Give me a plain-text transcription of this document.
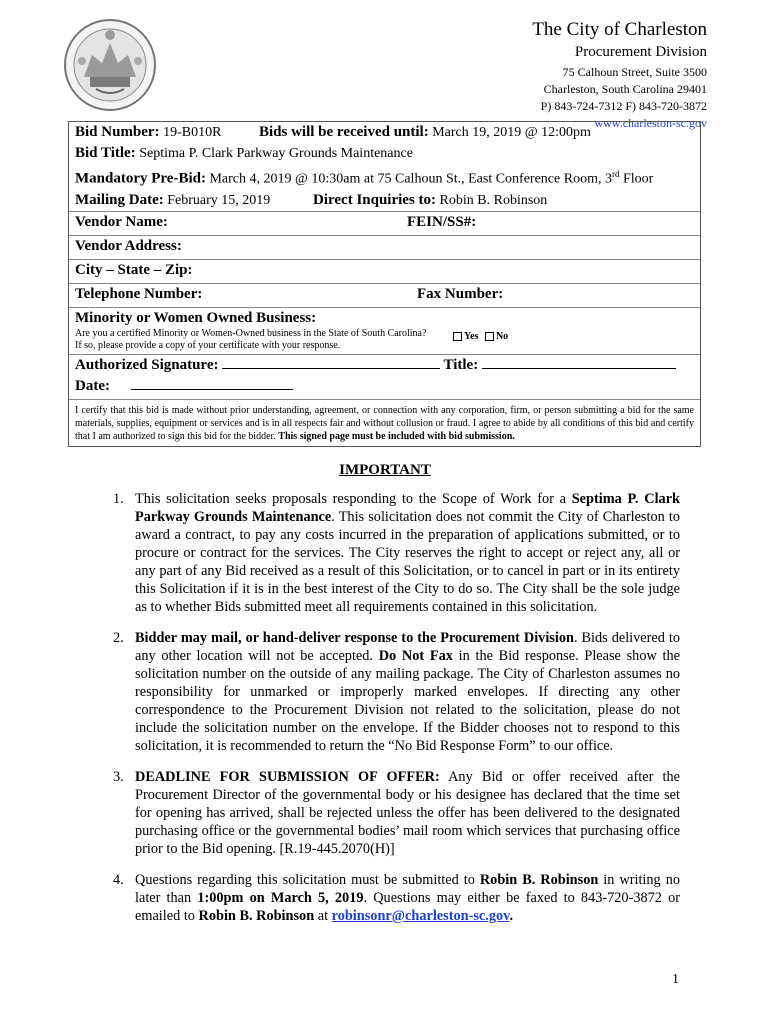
The City of Charleston
Procurement Division
75 Calhoun Street, Suite 3500
Charleston, South Carolina 29401
P) 843-724-7312 F) 843-720-3872
www.charleston-sc.gov
Bid Number: 19-B010R	Bids will be received until: March 19, 2019 @ 12:00pm
Bid Title: Septima P. Clark Parkway Grounds Maintenance
Mandatory Pre-Bid: March 4, 2019 @ 10:30am at 75 Calhoun St., East Conference Room, 3rd Floor
Mailing Date: February 15, 2019	Direct Inquiries to: Robin B. Robinson
Vendor Name:	FEIN/SS#:
Vendor Address:
City – State – Zip:
Telephone Number:	Fax Number:
Minority or Women Owned Business:
Are you a certified Minority or Women-Owned business in the State of South Carolina?
If so, please provide a copy of your certificate with your response.
Yes No
Authorized Signature:	Title:
Date:
I certify that this bid is made without prior understanding, agreement, or connection with any corporation, firm, or person submitting a bid for the same materials, supplies, equipment or services and is in all respects fair and without collusion or fraud. I agree to abide by all conditions of this bid and certify that I am authorized to sign this bid for the bidder. This signed page must be included with bid submission.
IMPORTANT
1. This solicitation seeks proposals responding to the Scope of Work for a Septima P. Clark Parkway Grounds Maintenance. This solicitation does not commit the City of Charleston to award a contract, to pay any costs incurred in the preparation of applications submitted, or to procure or contract for the services. The City reserves the right to accept or reject any, all or any part of any Bid received as a result of this Solicitation, or to cancel in part or in its entirety this Solicitation if it is in the best interest of the City to do so. The City shall be the sole judge as to whether Bids submitted meet all requirements contained in this solicitation.
2. Bidder may mail, or hand-deliver response to the Procurement Division. Bids delivered to any other location will not be accepted. Do Not Fax in the Bid response. Please show the solicitation number on the outside of any mailing package. The City of Charleston assumes no responsibility for unmarked or improperly marked envelopes. If directing any other correspondence to the Procurement Division not related to the solicitation, please do not include the solicitation number on the envelope. If the Bidder chooses not to respond to this solicitation, it is recommended to return the “No Bid Response Form” to our office.
3. DEADLINE FOR SUBMISSION OF OFFER: Any Bid or offer received after the Procurement Director of the governmental body or his designee has declared that the time set for opening has arrived, shall be rejected unless the offer has been delivered to the designated purchasing office or the governmental bodies’ mail room which services that purchasing office prior to the Bid opening. [R.19-445.2070(H)]
4. Questions regarding this solicitation must be submitted to Robin B. Robinson in writing no later than 1:00pm on March 5, 2019. Questions may either be faxed to 843-720-3872 or emailed to Robin B. Robinson at robinsonr@charleston-sc.gov.
1
